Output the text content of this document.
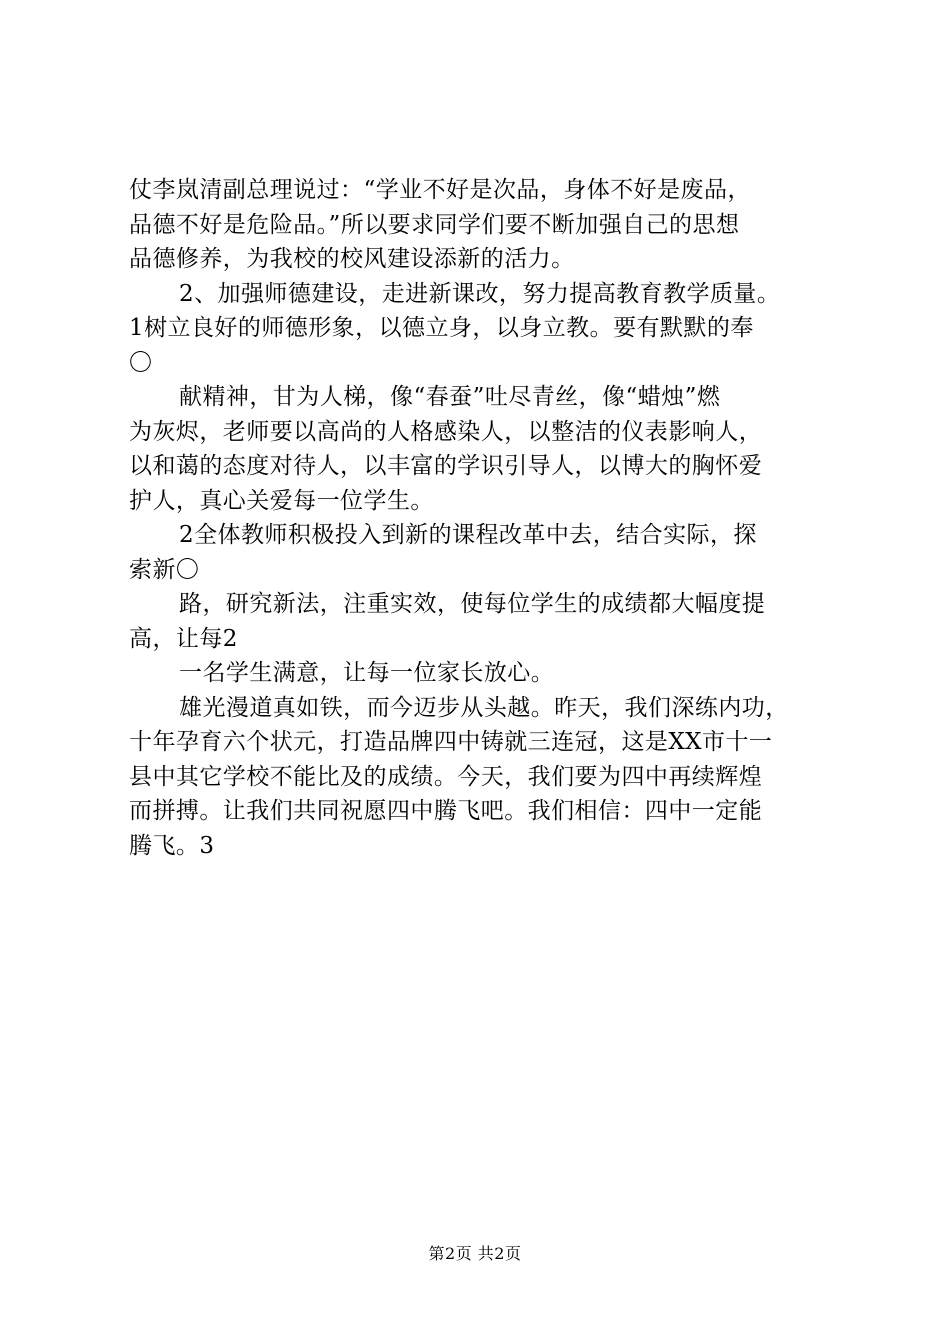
仗李岚清副总理说过：“学业不好是次品，身体不好是废品，
品德不好是危险品。”所以要求同学们要不断加强自己的思想
品德修养，为我校的校风建设添新的活力。
2、加强师德建设，走进新课改，努力提高教育教学质量。
1树立良好的师德形象，以德立身，以身立教。要有默默的奉
〇
献精神，甘为人梯，像“春蚕”吐尽青丝，像“蜡烛”燃
为灰烬，老师要以高尚的人格感染人，以整洁的仪表影响人，
以和蔼的态度对待人，以丰富的学识引导人，以博大的胸怀爱
护人，真心关爱每一位学生。
2全体教师积极投入到新的课程改革中去，结合实际，探
索新〇
路，研究新法，注重实效，使每位学生的成绩都大幅度提
高，让每2
一名学生满意，让每一位家长放心。
雄光漫道真如铁，而今迈步从头越。昨天，我们深练内功，
十年孕育六个状元，打造品牌四中铸就三连冠，这是XX市十一
县中其它学校不能比及的成绩。今天，我们要为四中再续辉煌
而拼搏。让我们共同祝愿四中腾飞吧。我们相信：四中一定能
腾飞。3
第2页 共2页
